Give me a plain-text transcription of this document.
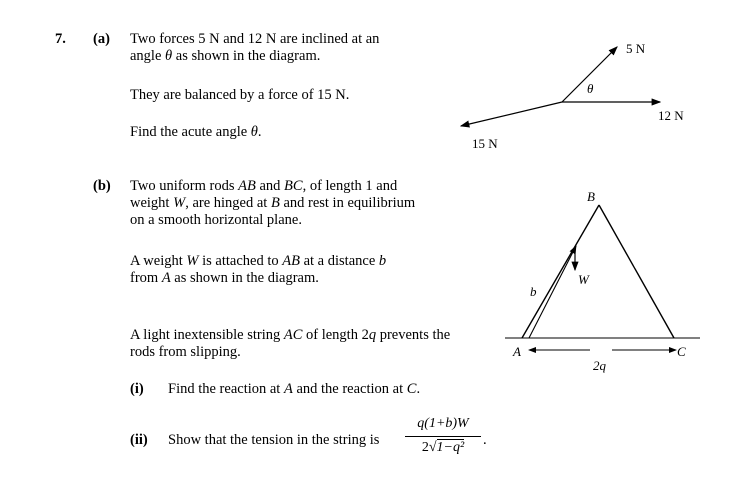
7. (a) Two forces 5 N and 12 N are inclined at an
angle θ as shown in the diagram.
They are balanced by a force of 15 N.
Find the acute angle θ.
5 N
12 N
15 N
θ
(b) Two uniform rods AB and BC, of length 1 and
weight W, are hinged at B and rest in equilibrium
on a smooth horizontal plane.
A weight W is attached to AB at a distance b
from A as shown in the diagram.
A light inextensible string AC of length 2q prevents the
rods from slipping.
(i) Find the reaction at A and the reaction at C.
(ii) Show that the tension in the string is
q(1+b)W
2√1−q²	.
B
W
b
A	C
2q
